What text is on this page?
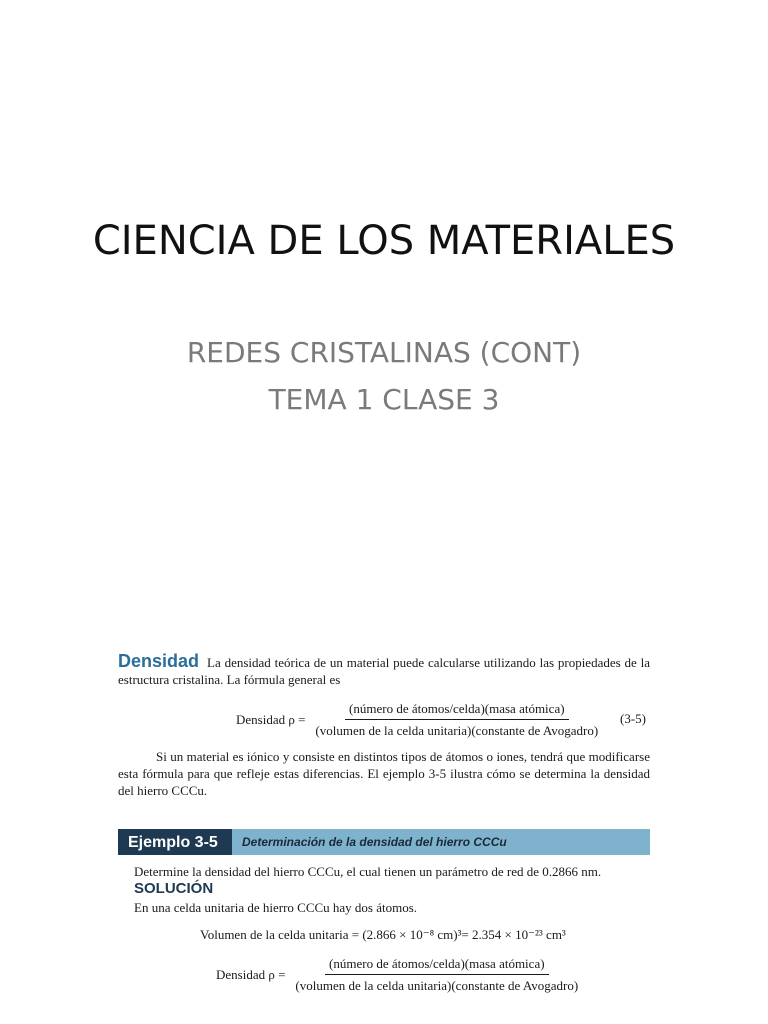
CIENCIA DE LOS MATERIALES
REDES CRISTALINAS (CONT)
TEMA 1 CLASE 3
Densidad La densidad teórica de un material puede calcularse utilizando las propiedades de la estructura cristalina. La fórmula general es
Densidad $\rho = \frac{\text{(número de átomos/celda)(masa atómica)}}{\text{(volumen de la celda unitaria)(constante de Avogadro)}} (3-5)$
Si un material es iónico y consiste en distintos tipos de átomos o iones, tendrá que modificarse esta fórmula para que refleje estas diferencias. El ejemplo 3-5 ilustra cómo se determina la densidad del hierro CCCu.
Ejemplo 3-5	Determinación de la densidad del hierro CCCu
Determine la densidad del hierro CCCu, el cual tienen un parámetro de red de 0.2866 nm.
SOLUCIÓN
En una celda unitaria de hierro CCCu hay dos átomos.
Volumen de la celda unitaria = (2.866 × 10⁻⁸ cm)³= 2.354 × 10⁻²³ cm³
Densidad $\rho = \frac{\text{(número de átomos/celda)(masa atómica)}}{\text{(volumen de la celda unitaria)(constante de Avogadro)}}$
